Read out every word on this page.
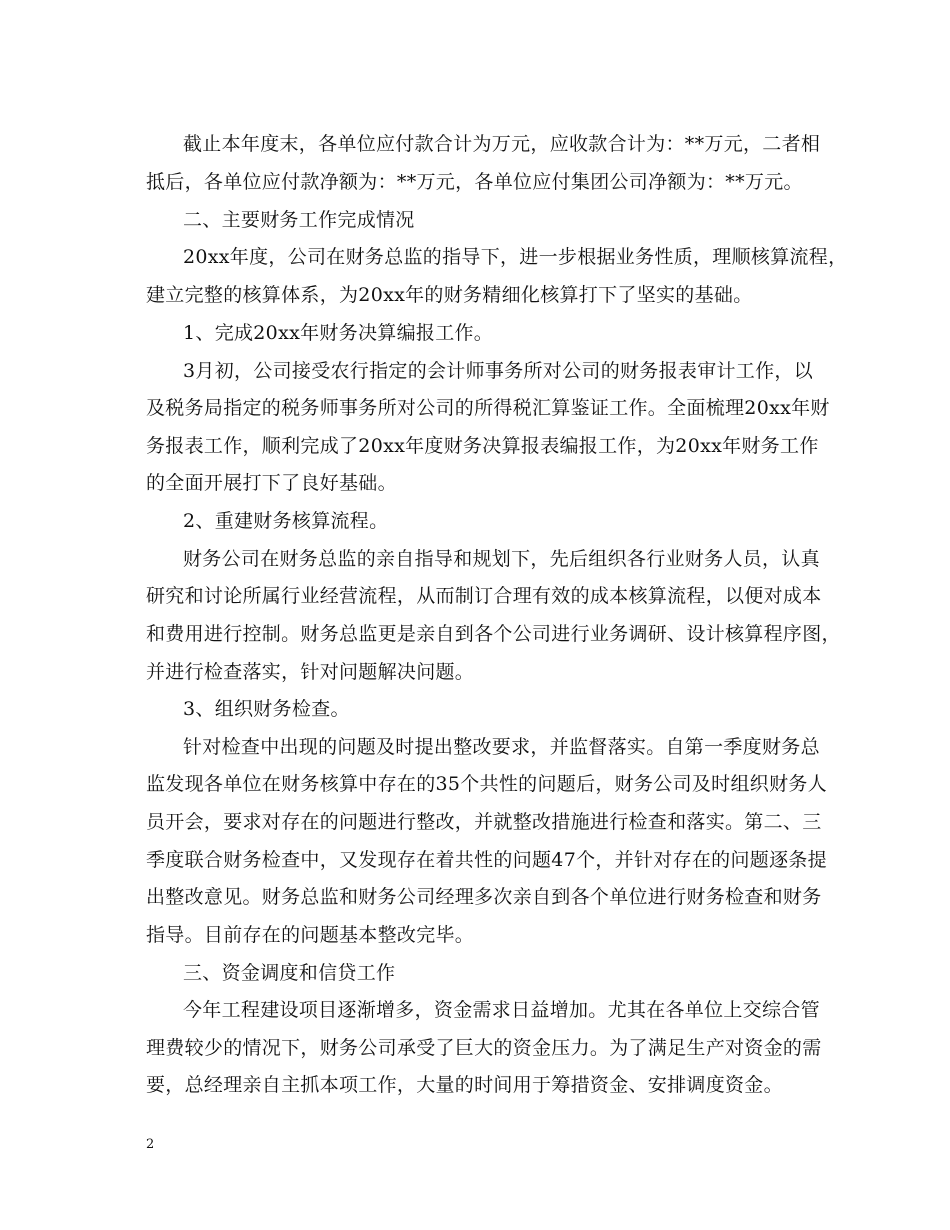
截止本年度末，各单位应付款合计为万元，应收款合计为：**万元，二者相
抵后，各单位应付款净额为：**万元，各单位应付集团公司净额为：**万元。
二、主要财务工作完成情况
20xx年度，公司在财务总监的指导下，进一步根据业务性质，理顺核算流程，
建立完整的核算体系，为20xx年的财务精细化核算打下了坚实的基础。
1、完成20xx年财务决算编报工作。
3月初，公司接受农行指定的会计师事务所对公司的财务报表审计工作，以
及税务局指定的税务师事务所对公司的所得税汇算鉴证工作。全面梳理20xx年财
务报表工作，顺利完成了20xx年度财务决算报表编报工作，为20xx年财务工作
的全面开展打下了良好基础。
2、重建财务核算流程。
财务公司在财务总监的亲自指导和规划下，先后组织各行业财务人员，认真
研究和讨论所属行业经营流程，从而制订合理有效的成本核算流程，以便对成本
和费用进行控制。财务总监更是亲自到各个公司进行业务调研、设计核算程序图，
并进行检查落实，针对问题解决问题。
3、组织财务检查。
针对检查中出现的问题及时提出整改要求，并监督落实。自第一季度财务总
监发现各单位在财务核算中存在的35个共性的问题后，财务公司及时组织财务人
员开会，要求对存在的问题进行整改，并就整改措施进行检查和落实。第二、三
季度联合财务检查中，又发现存在着共性的问题47个，并针对存在的问题逐条提
出整改意见。财务总监和财务公司经理多次亲自到各个单位进行财务检查和财务
指导。目前存在的问题基本整改完毕。
三、资金调度和信贷工作
今年工程建设项目逐渐增多，资金需求日益增加。尤其在各单位上交综合管
理费较少的情况下，财务公司承受了巨大的资金压力。为了满足生产对资金的需
要，总经理亲自主抓本项工作，大量的时间用于筹措资金、安排调度资金。
2
